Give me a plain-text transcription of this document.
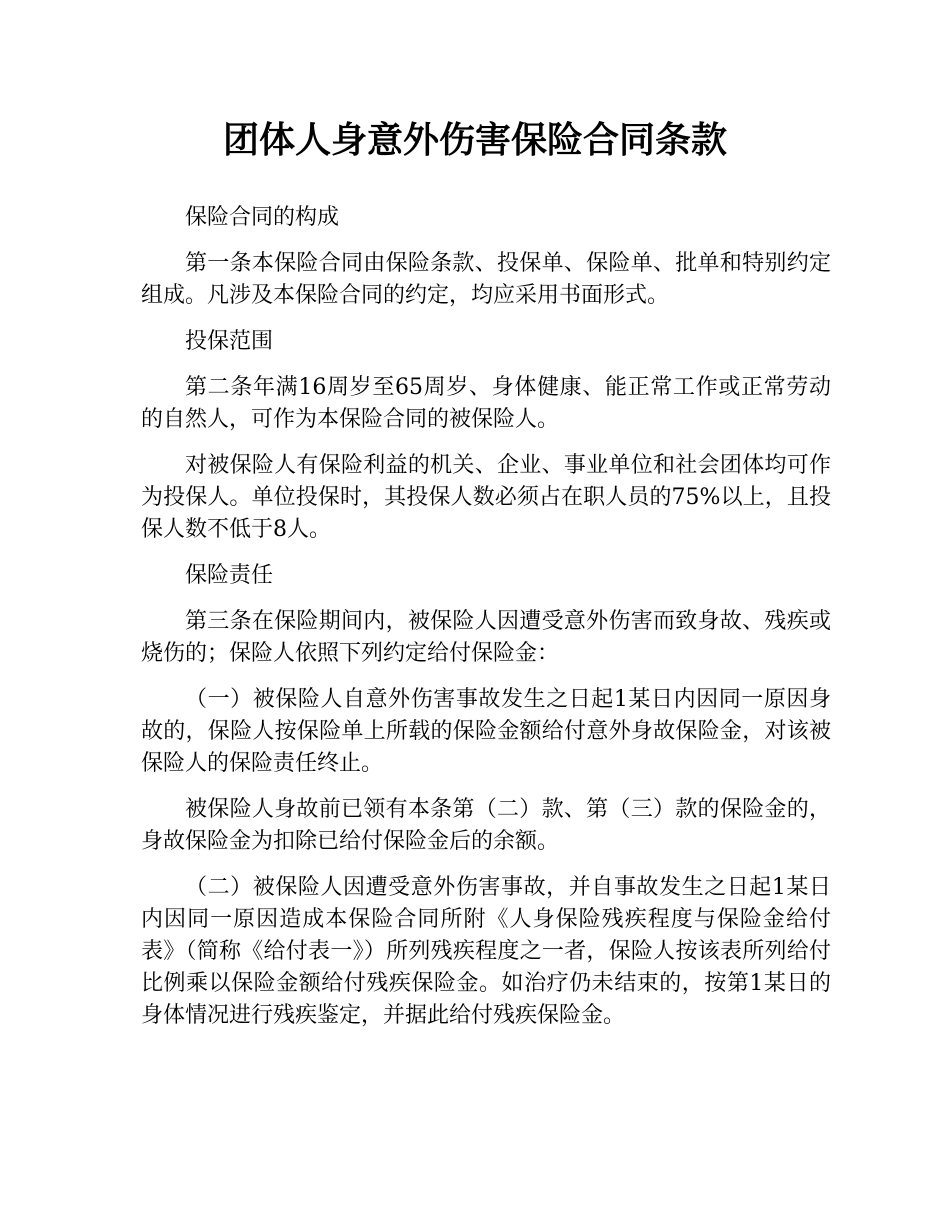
团体人身意外伤害保险合同条款

保险合同的构成

第一条本保险合同由保险条款、投保单、保险单、批单和特别约定组成。凡涉及本保险合同的约定，均应采用书面形式。

投保范围

第二条年满16周岁至65周岁、身体健康、能正常工作或正常劳动的自然人，可作为本保险合同的被保险人。

对被保险人有保险利益的机关、企业、事业单位和社会团体均可作为投保人。单位投保时，其投保人数必须占在职人员的75%以上，且投保人数不低于8人。

保险责任

第三条在保险期间内，被保险人因遭受意外伤害而致身故、残疾或烧伤的；保险人依照下列约定给付保险金：

（一）被保险人自意外伤害事故发生之日起1某日内因同一原因身故的，保险人按保险单上所载的保险金额给付意外身故保险金，对该被保险人的保险责任终止。

被保险人身故前已领有本条第（二）款、第（三）款的保险金的，身故保险金为扣除已给付保险金后的余额。

（二）被保险人因遭受意外伤害事故，并自事故发生之日起1某日内因同一原因造成本保险合同所附《人身保险残疾程度与保险金给付表》（简称《给付表一》）所列残疾程度之一者，保险人按该表所列给付比例乘以保险金额给付残疾保险金。如治疗仍未结束的，按第1某日的身体情况进行残疾鉴定，并据此给付残疾保险金。
